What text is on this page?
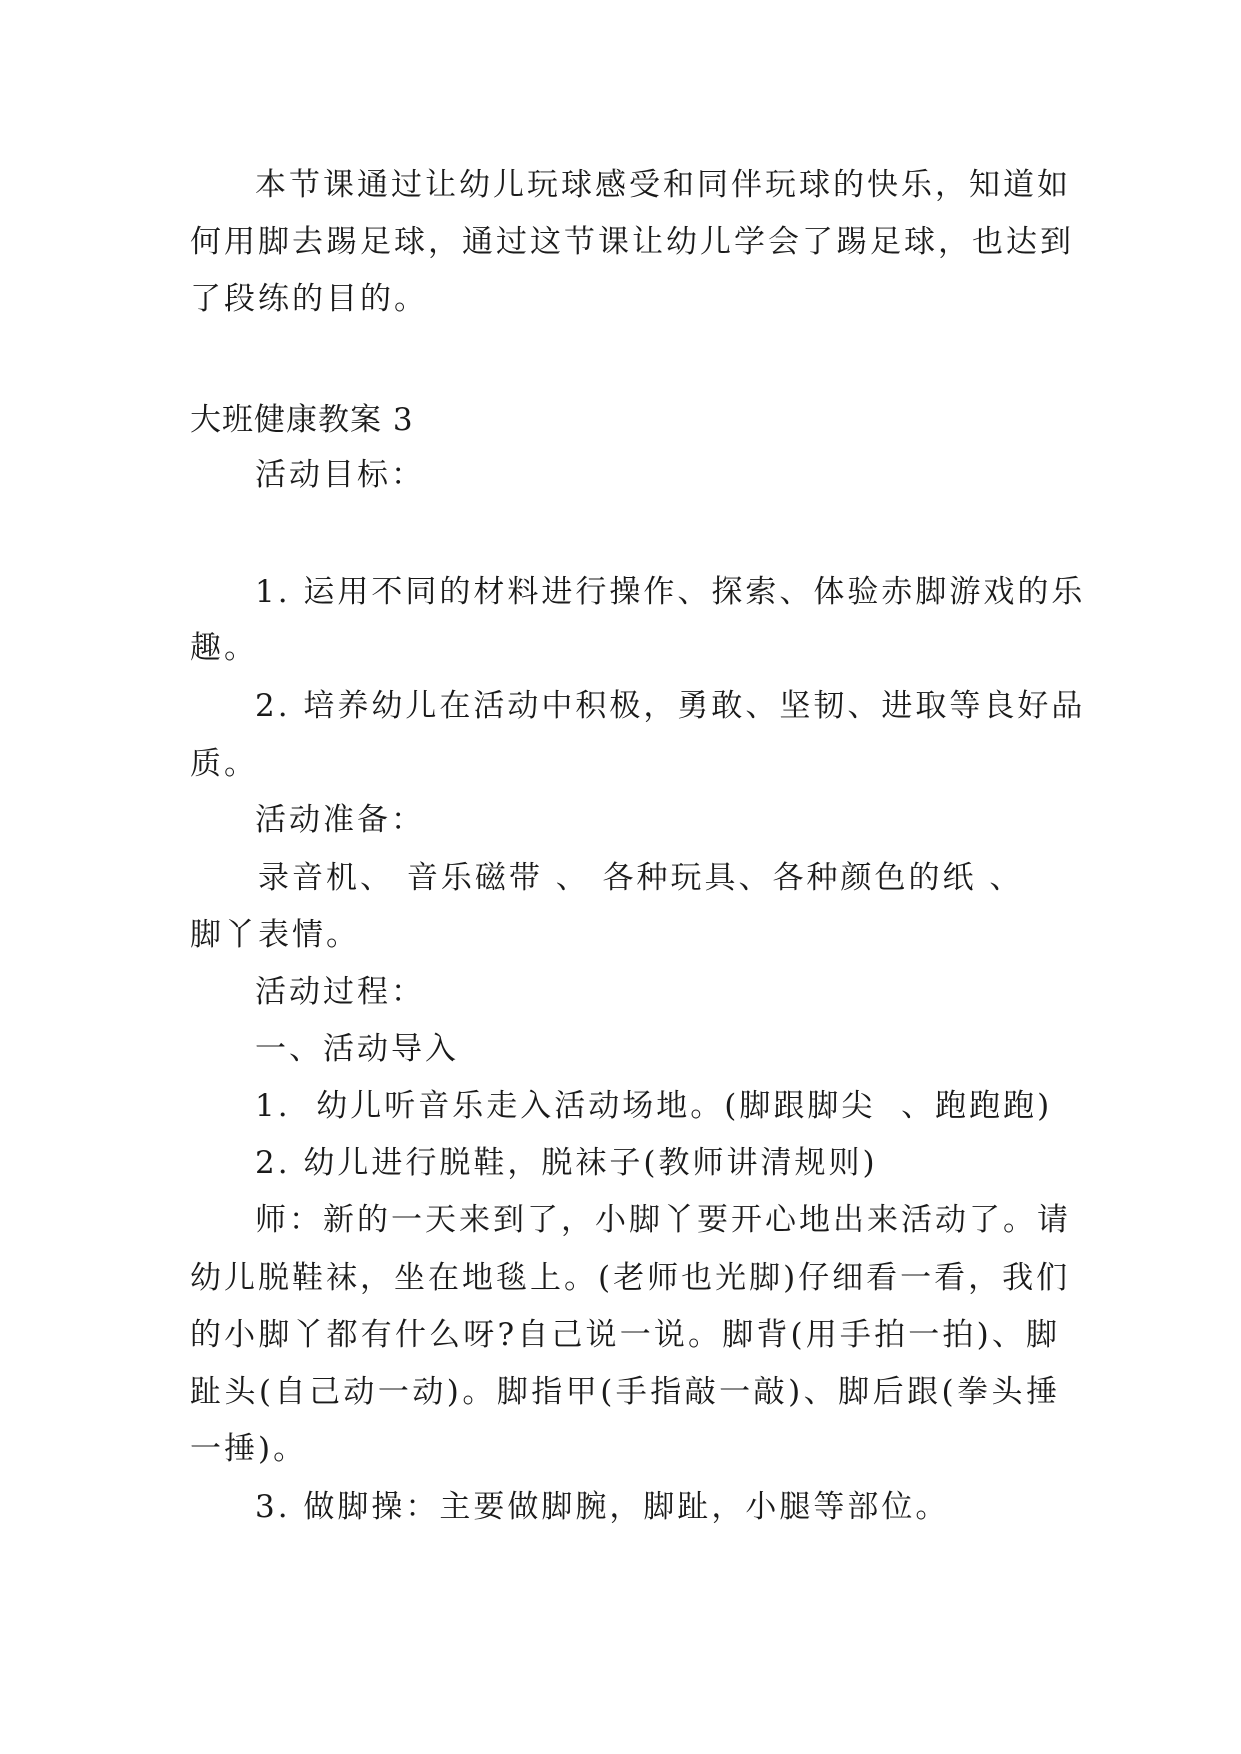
本节课通过让幼儿玩球感受和同伴玩球的快乐，知道如
何用脚去踢足球，通过这节课让幼儿学会了踢足球，也达到
了段练的目的。
大班健康教案 3
活动目标：
1. 运用不同的材料进行操作、探索、体验赤脚游戏的乐
趣。
2. 培养幼儿在活动中积极，勇敢、坚韧、进取等良好品
质。
活动准备：
录音机、 音乐磁带 、 各种玩具、各种颜色的纸 、
脚丫表情。
活动过程：
一、活动导入
1.  幼儿听音乐走入活动场地。(脚跟脚尖  、跑跑跑)
2. 幼儿进行脱鞋，脱袜子(教师讲清规则)
师：新的一天来到了，小脚丫要开心地出来活动了。请
幼儿脱鞋袜，坐在地毯上。(老师也光脚)仔细看一看，我们
的小脚丫都有什么呀?自己说一说。脚背(用手拍一拍)、脚
趾头(自己动一动)。脚指甲(手指敲一敲)、脚后跟(拳头捶
一捶)。
3. 做脚操：主要做脚腕，脚趾，小腿等部位。
